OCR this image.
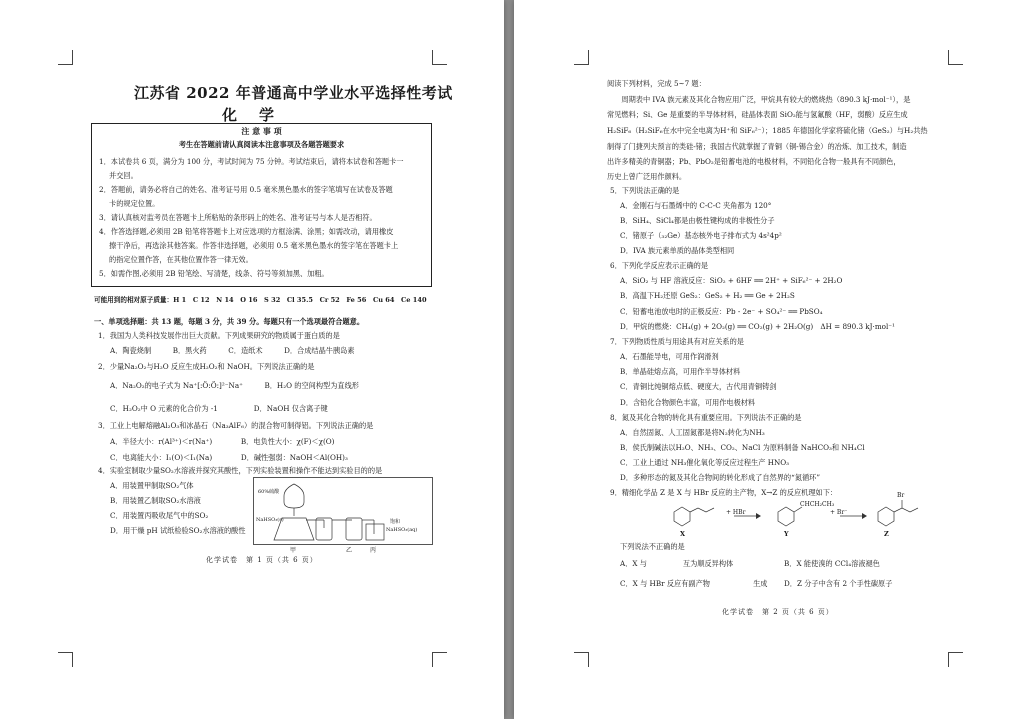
江苏省 2022 年普通高中学业水平选择性考试
化学
注 意 事 项
考生在答题前请认真阅读本注意事项及各题答题要求
1．本试卷共 6 页，满分为 100 分，考试时间为 75 分钟。考试结束后，请将本试卷和答题卡一
并交回。
2．答题前，请务必将自己的姓名、准考证号用 0.5 毫米黑色墨水的签字笔填写在试卷及答题
卡的规定位置。
3．请认真核对监考员在答题卡上所粘贴的条形码上的姓名、准考证号与本人是否相符。
4．作答选择题,必须用 2B 铅笔将答题卡上对应选项的方框涂满、涂黑；如需改动，请用橡皮
擦干净后，再选涂其他答案。作答非选择题，必须用 0.5 毫米黑色墨水的签字笔在答题卡上
的指定位置作答，在其他位置作答一律无效。
5．如需作图,必须用 2B 铅笔绘、写清楚，线条、符号等须加黑、加粗。
可能用到的相对原子质量：H 1　C 12　N 14　O 16　S 32　Cl 35.5　Cr 52　Fe 56　Cu 64　Ce 140
一、单项选择题：共 13 题，每题 3 分，共 39 分。每题只有一个选项最符合题意。
1．我国为人类科技发展作出巨大贡献。下列成果研究的物质属于蛋白质的是
A．陶瓷烧制　　　B．黑火药　　　C．造纸术　　　D．合成结晶牛胰岛素
2．少量Na₂O₂与H₂O 反应生成H₂O₂和 NaOH。下列说法正确的是
A．Na₂O₂的电子式为 Na⁺[:Ö:Ö:]²⁻Na⁺　　　B．H₂O 的空间构型为直线形
C．H₂O₂中 O 元素的化合价为 -1　　　　　D．NaOH 仅含离子键
3．工业上电解熔融Al₂O₃和冰晶石（Na₃AlF₆）的混合物可制得铝。下列说法正确的是
A．半径大小：r(Al³⁺)＜r(Na⁺)　　　　B．电负性大小：χ(F)＜χ(O)
C．电离能大小：I₁(O)＜I₁(Na)　　　　D．碱性强弱：NaOH＜Al(OH)₃
4．实验室制取少量SO₂水溶液并探究其酸性，下列实验装置和操作不能达到实验目的的是
A．用装置甲制取SO₂气体
B．用装置乙制取SO₂水溶液
C．用装置丙吸收尾气中的SO₂
D．用干燥 pH 试纸检验SO₂水溶液的酸性
60%硫酸
NaHSO₃(s)	饱和
NaHSO₃(aq)
甲	乙	丙
化学试卷　第 1 页（共 6 页）
阅读下列材料，完成 5~7 题：
　　周期表中 IVA 族元素及其化合物应用广泛，甲烷具有较大的燃烧热（890.3 kJ·mol⁻¹），是
常见燃料；Si、Ge 是重要的半导体材料，硅晶体表面 SiO₂能与氢氟酸（HF，弱酸）反应生成
H₂SiF₆（H₂SiF₆在水中完全电离为H⁺和 SiF₆²⁻）；1885 年德国化学家将硫化锗（GeS₂）与H₂共热
制得了门捷列夫预言的类硅-锗；我国古代就掌握了青铜（铜-锡合金）的冶炼、加工技术，制造
出许多精美的青铜器；Pb、PbO₂是铅蓄电池的电极材料，不同铅化合物一般具有不同颜色，
历史上曾广泛用作颜料。
5．下列说法正确的是
A．金刚石与石墨烯中的 C-C-C 夹角都为 120°
B．SiH₄、SiCl₄都是由极性键构成的非极性分子
C．锗原子（₃₂Ge）基态核外电子排布式为 4s²4p²
D．IVA 族元素单质的晶体类型相同
6．下列化学反应表示正确的是
A．SiO₂ 与 HF 溶液反应：SiO₂ + 6HF ══ 2H⁺ + SiF₆²⁻ + 2H₂O
B．高温下H₂还原 GeS₂：GeS₂ + H₂ ══ Ge + 2H₂S
C．铅蓄电池放电时的正极反应：Pb - 2e⁻ + SO₄²⁻ ══ PbSO₄
D．甲烷的燃烧：CH₄(g) + 2O₂(g) ══ CO₂(g) + 2H₂O(g)　ΔH = 890.3 kJ·mol⁻¹
7．下列物质性质与用途具有对应关系的是
A．石墨能导电，可用作润滑剂
B．单晶硅熔点高，可用作半导体材料
C．青铜比纯铜熔点低、硬度大，古代用青铜铸剑
D．含铅化合物颜色丰富，可用作电极材料
8．氮及其化合物的转化具有重要应用。下列说法不正确的是
A．自然固氮、人工固氮都是将N₂转化为NH₃
B．侯氏制碱法以H₂O、NH₃、CO₂、NaCl 为原料制备 NaHCO₃和 NH₄Cl
C．工业上通过 NH₃催化氧化等反应过程生产 HNO₃
D．多种形态的氮及其化合物间的转化形成了自然界的“氮循环”
9．精细化学品 Z 是 X 与 HBr 反应的主产物，X→Z 的反应机理如下：
+ HBr
CHCH₂CH₃
+ Br⁻
Br
X	Y	Z
下列说法不正确的是
A．X 与　　　　　互为顺反异构体	B．X 能使溴的 CCl₄溶液褪色
C．X 与 HBr 反应有副产物　　　　　　生成 D．Z 分子中含有 2 个手性碳原子
化学试卷　第 2 页（共 6 页）
